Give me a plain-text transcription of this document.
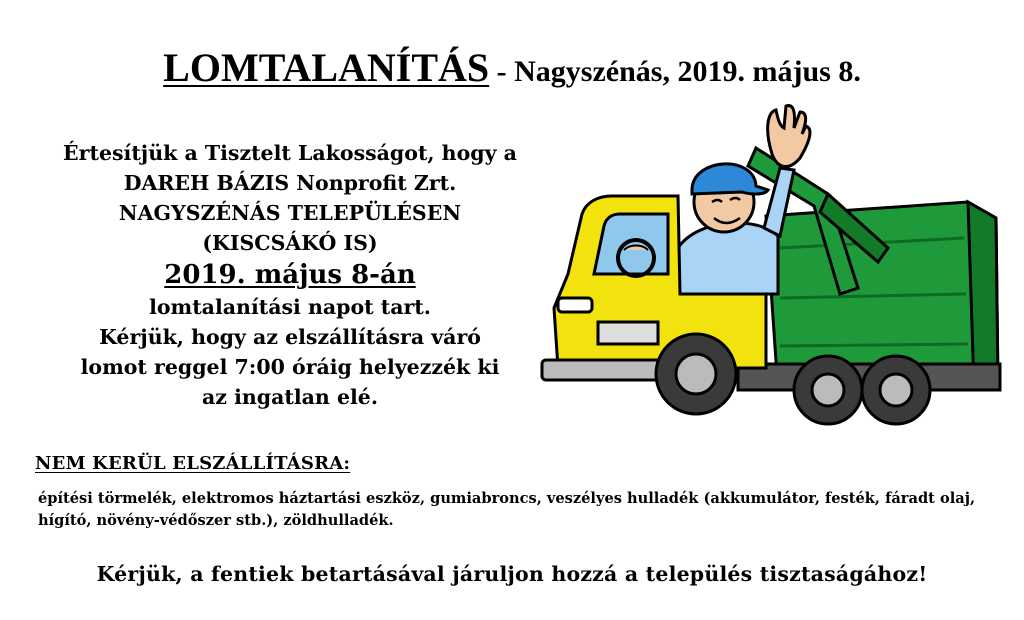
LOMTALANÍTÁS - Nagyszénás, 2019. május 8.
Értesítjük a Tisztelt Lakosságot, hogy a
DAREH BÁZIS Nonprofit Zrt.
NAGYSZÉNÁS TELEPÜLÉSEN
(KISCSÁKÓ IS)
2019. május 8-án
lomtalanítási napot tart.
Kérjük, hogy az elszállításra váró
lomot reggel 7:00 óráig helyezzék ki
az ingatlan elé.
NEM KERÜL ELSZÁLLÍTÁSRA:
építési törmelék, elektromos háztartási eszköz, gumiabroncs, veszélyes hulladék (akkumulátor, festék, fáradt olaj, hígító, növény-védőszer stb.), zöldhulladék.
Kérjük, a fentiek betartásával járuljon hozzá a település tisztaságához!
